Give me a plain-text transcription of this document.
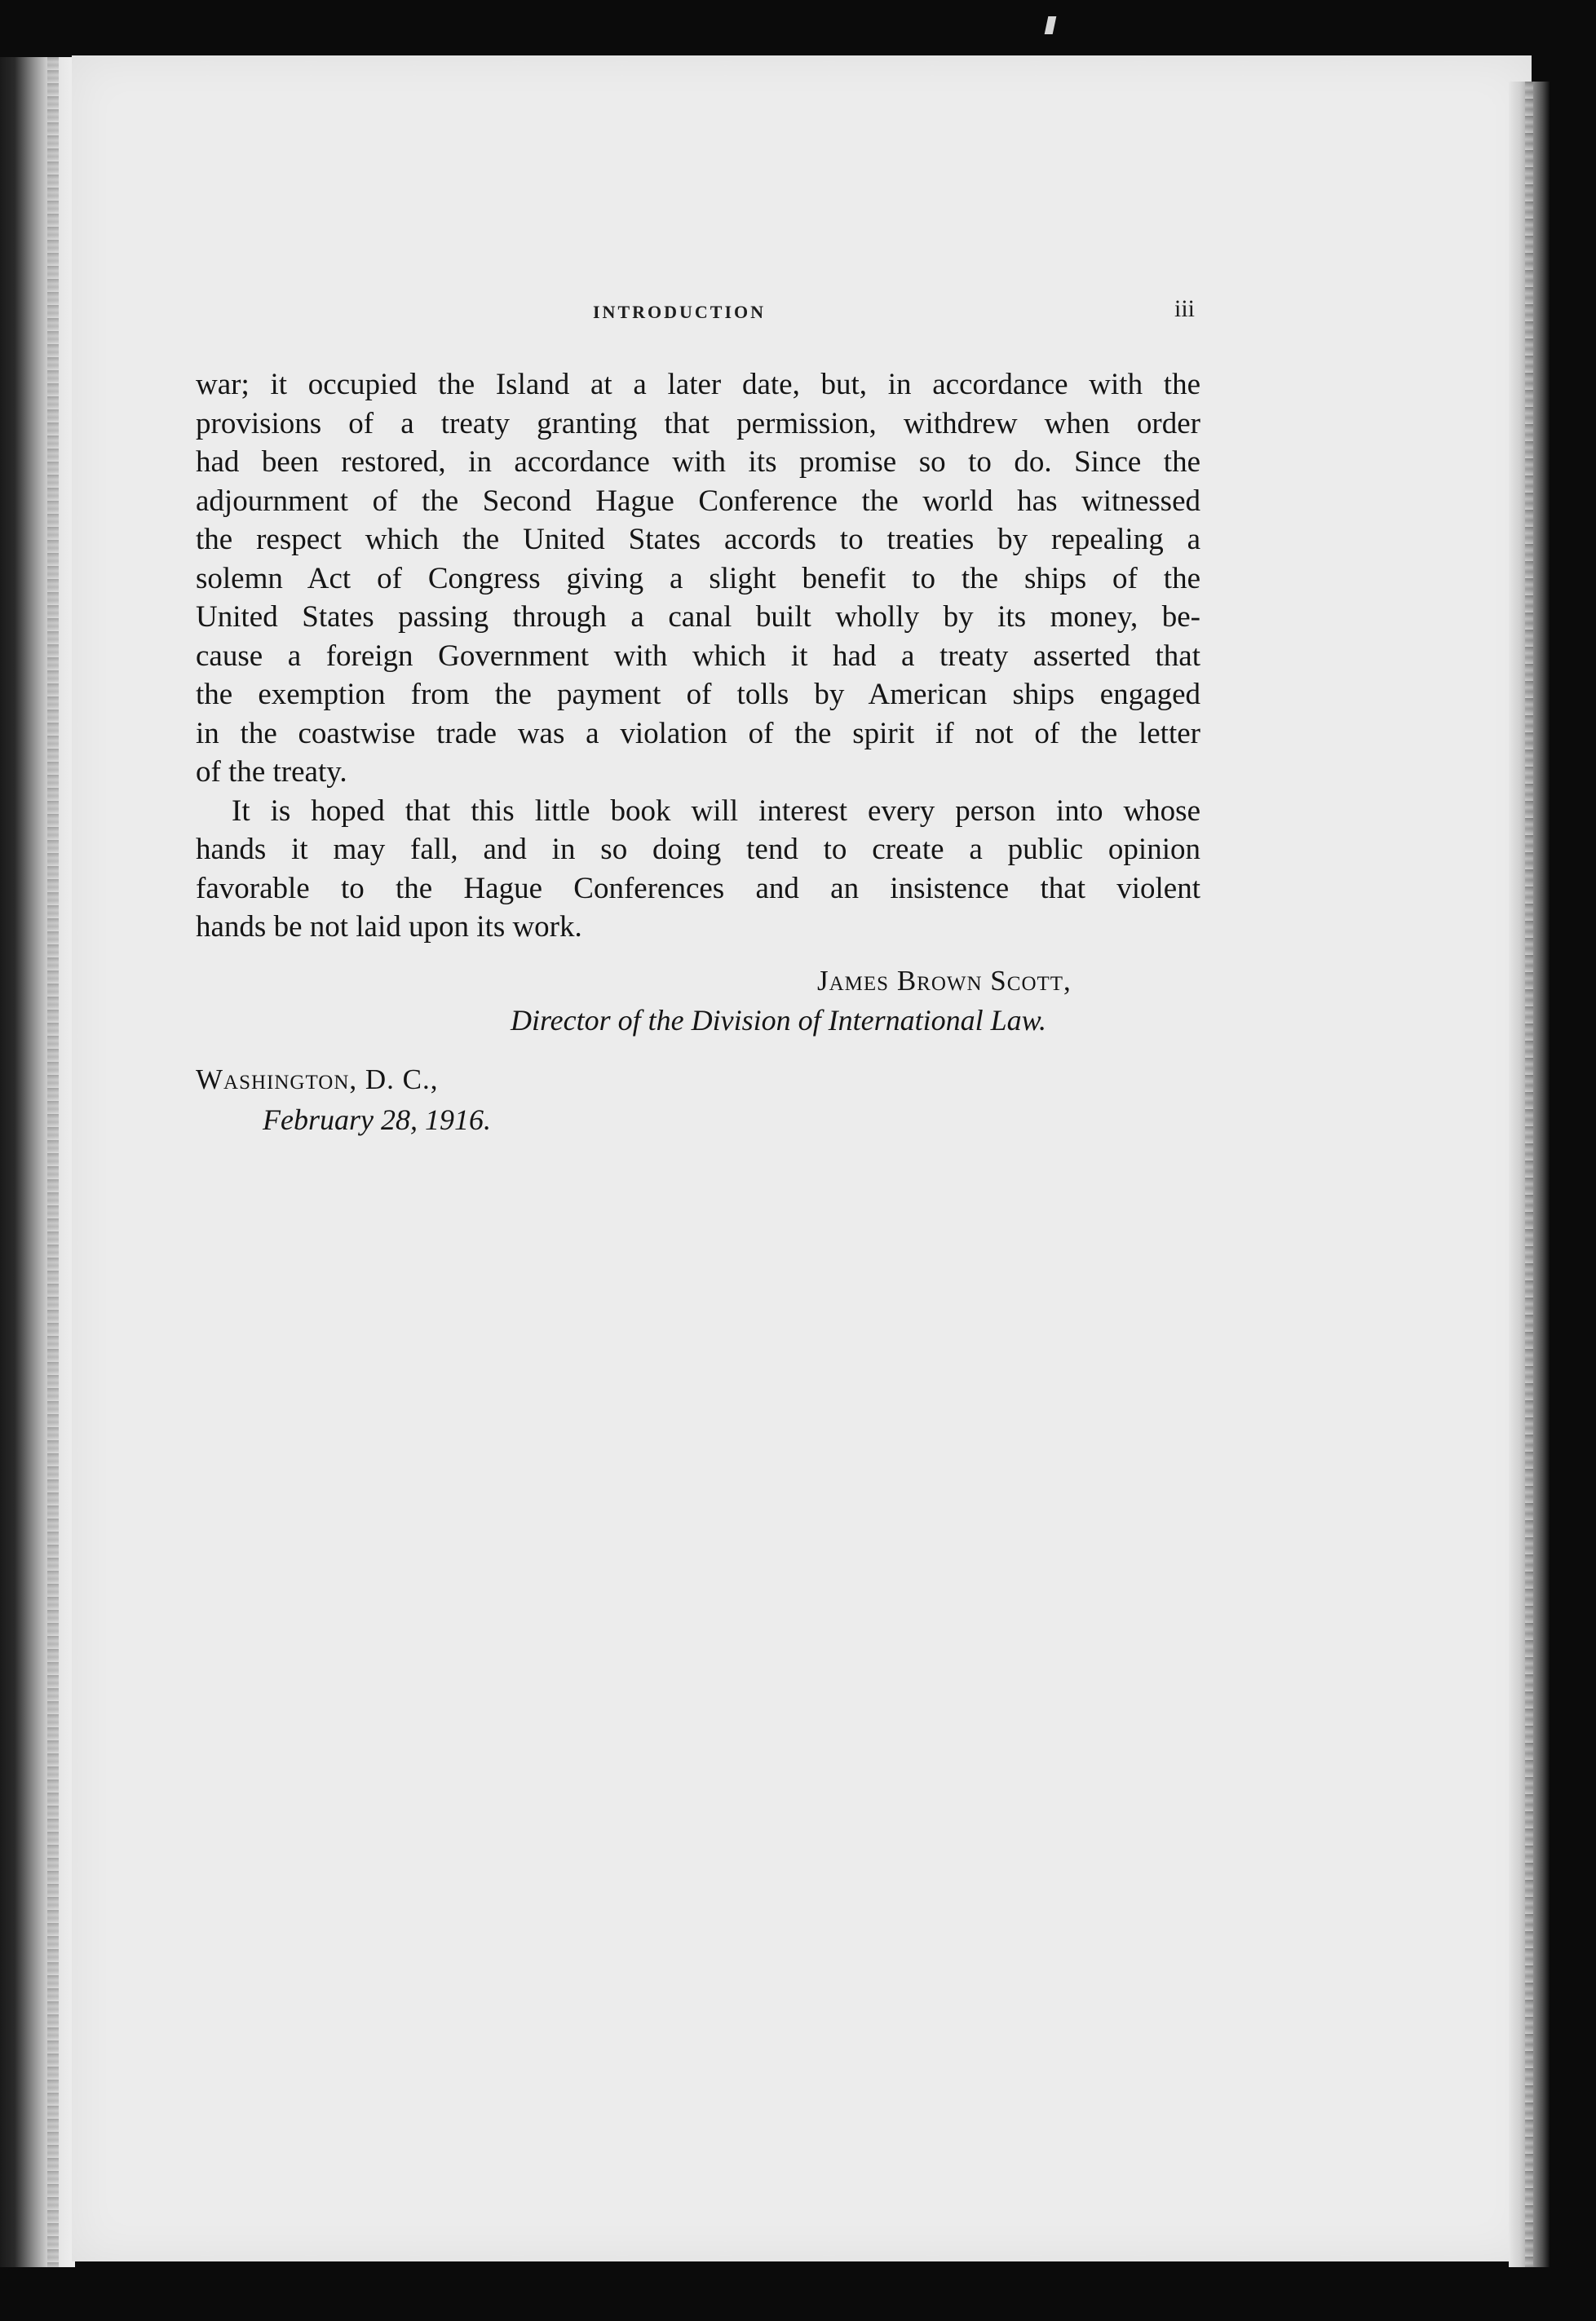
INTRODUCTION	iii
war; it occupied the Island at a later date, but, in accordance with the
provisions of a treaty granting that permission, withdrew when order
had been restored, in accordance with its promise so to do. Since the
adjournment of the Second Hague Conference the world has witnessed
the respect which the United States accords to treaties by repealing a
solemn Act of Congress giving a slight benefit to the ships of the
United States passing through a canal built wholly by its money, be-
cause a foreign Government with which it had a treaty asserted that
the exemption from the payment of tolls by American ships engaged
in the coastwise trade was a violation of the spirit if not of the letter
of the treaty.
It is hoped that this little book will interest every person into whose
hands it may fall, and in so doing tend to create a public opinion
favorable to the Hague Conferences and an insistence that violent
hands be not laid upon its work.
James Brown Scott,
Director of the Division of International Law.
Washington, D. C.,
February 28, 1916.
